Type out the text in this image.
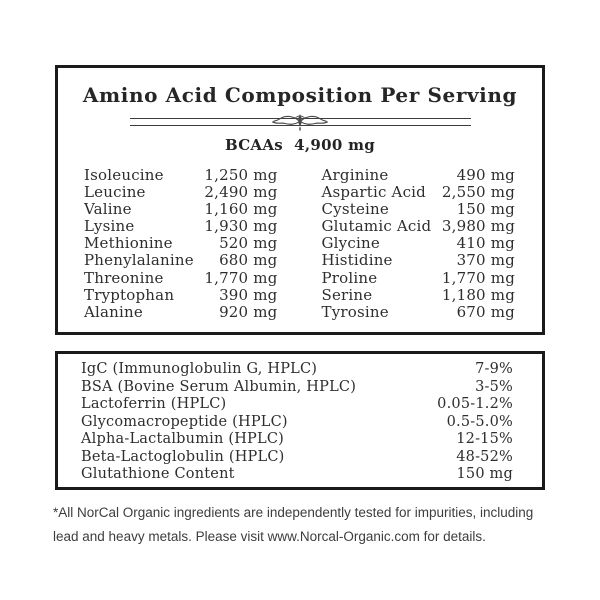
Amino Acid Composition Per Serving
BCAAs 4,900 mg
Isoleucine	1,250 mg
Leucine	2,490 mg
Valine	1,160 mg
Lysine	1,930 mg
Methionine	520 mg
Phenylalanine 680 mg
Threonine	1,770 mg
Tryptophan	390 mg
Alanine	920 mg
Arginine	490 mg
Aspartic Acid 2,550 mg
Cysteine	150 mg
Glutamic Acid 3,980 mg
Glycine	410 mg
Histidine	370 mg
Proline	1,770 mg
Serine	1,180 mg
Tyrosine	670 mg
IgC (Immunoglobulin G, HPLC)	7-9%
BSA (Bovine Serum Albumin, HPLC)	3-5%
Lactoferrin (HPLC)	0.05-1.2%
Glycomacropeptide (HPLC)	0.5-5.0%
Alpha-Lactalbumin (HPLC)	12-15%
Beta-Lactoglobulin (HPLC)	48-52%
Glutathione Content	150 mg

*All NorCal Organic ingredients are independently tested for impurities, including lead and heavy metals. Please visit www.Norcal-Organic.com for details.
